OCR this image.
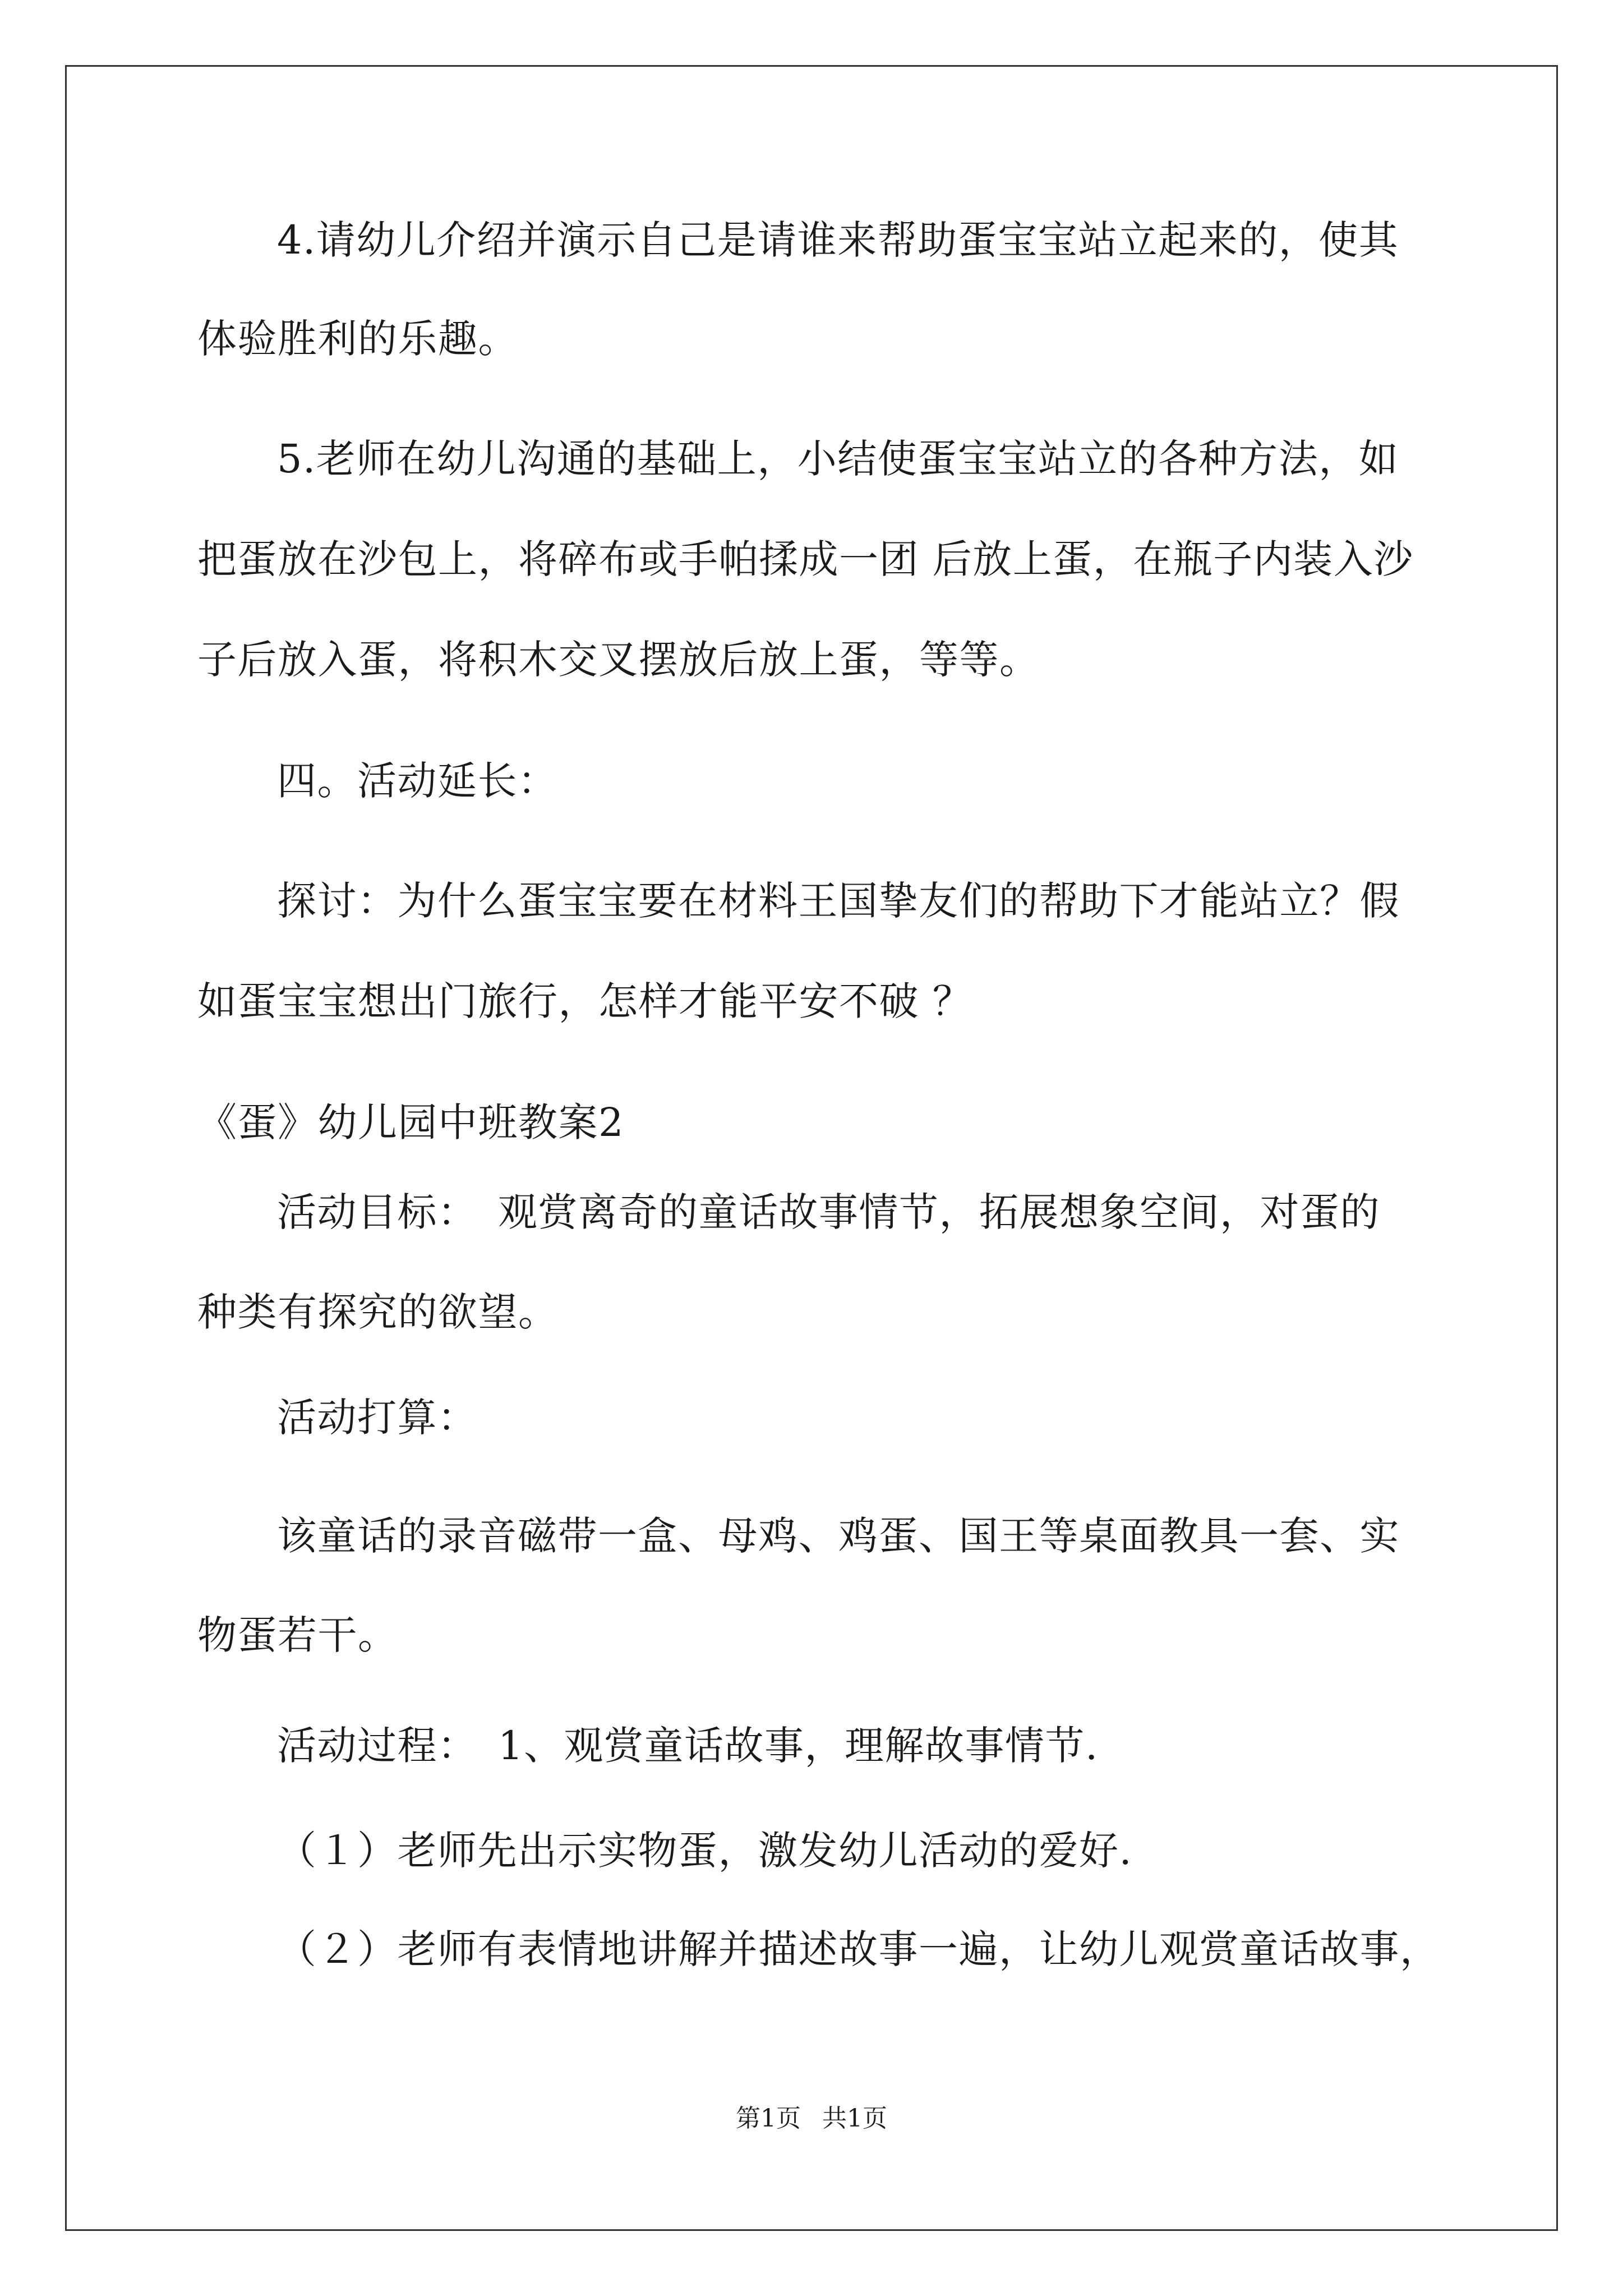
4.请幼儿介绍并演示自己是请谁来帮助蛋宝宝站立起来的，使其
体验胜利的乐趣。
5.老师在幼儿沟通的基础上，小结使蛋宝宝站立的各种方法，如
把蛋放在沙包上，将碎布或手帕揉成一团 后放上蛋，在瓶子内装入沙
子后放入蛋，将积木交叉摆放后放上蛋，等等。
四。活动延长：
探讨：为什么蛋宝宝要在材料王国挚友们的帮助下才能站立？假
如蛋宝宝想出门旅行，怎样才能平安不破 ？
《蛋》幼儿园中班教案2
活动目标：　观赏离奇的童话故事情节，拓展想象空间，对蛋的
种类有探究的欲望。
活动打算：
该童话的录音磁带一盒、母鸡、鸡蛋、国王等桌面教具一套、实
物蛋若干。
活动过程：　1、观赏童话故事，理解故事情节.
（１）老师先出示实物蛋，激发幼儿活动的爱好.
（２）老师有表情地讲解并描述故事一遍，让幼儿观赏童话故事，
第1页 共1页
